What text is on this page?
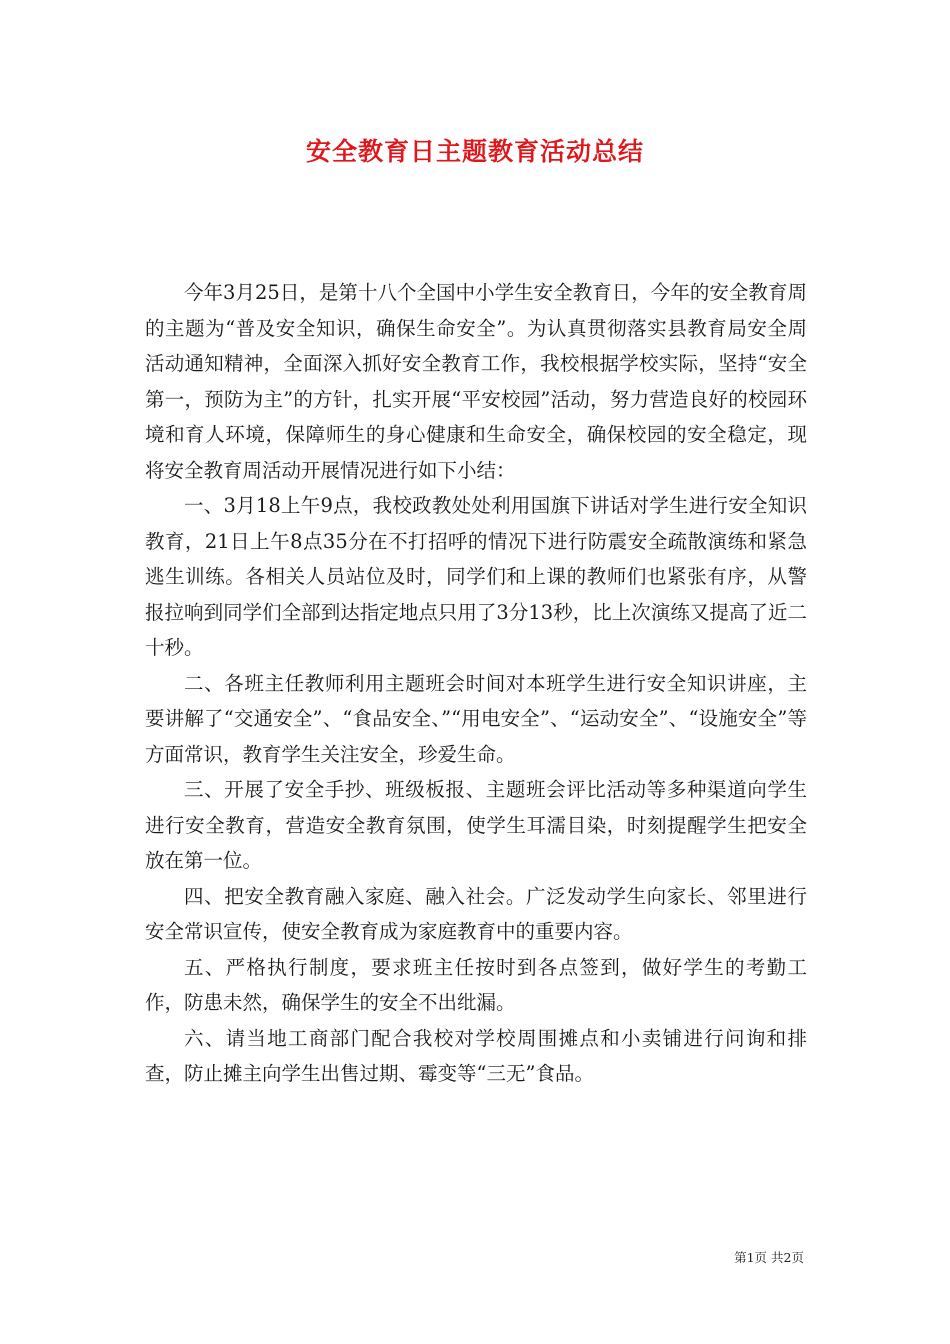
安全教育日主题教育活动总结

今年3月25日，是第十八个全国中小学生安全教育日，今年的安全教育周的主题为“普及安全知识，确保生命安全”。为认真贯彻落实县教育局安全周活动通知精神，全面深入抓好安全教育工作，我校根据学校实际，坚持“安全第一，预防为主”的方针，扎实开展“平安校园”活动，努力营造良好的校园环境和育人环境，保障师生的身心健康和生命安全，确保校园的安全稳定，现将安全教育周活动开展情况进行如下小结：

一、3月18上午9点，我校政教处处利用国旗下讲话对学生进行安全知识教育，21日上午8点35分在不打招呼的情况下进行防震安全疏散演练和紧急逃生训练。各相关人员站位及时，同学们和上课的教师们也紧张有序，从警报拉响到同学们全部到达指定地点只用了3分13秒，比上次演练又提高了近二十秒。

二、各班主任教师利用主题班会时间对本班学生进行安全知识讲座，主要讲解了“交通安全”、“食品安全、”“用电安全”、“运动安全”、“设施安全”等方面常识，教育学生关注安全，珍爱生命。

三、开展了安全手抄、班级板报、主题班会评比活动等多种渠道向学生进行安全教育，营造安全教育氛围，使学生耳濡目染，时刻提醒学生把安全放在第一位。

四、把安全教育融入家庭、融入社会。广泛发动学生向家长、邻里进行安全常识宣传，使安全教育成为家庭教育中的重要内容。

五、严格执行制度，要求班主任按时到各点签到，做好学生的考勤工作，防患未然，确保学生的安全不出纰漏。

六、请当地工商部门配合我校对学校周围摊点和小卖铺进行问询和排查，防止摊主向学生出售过期、霉变等“三无”食品。

第1页 共2页
